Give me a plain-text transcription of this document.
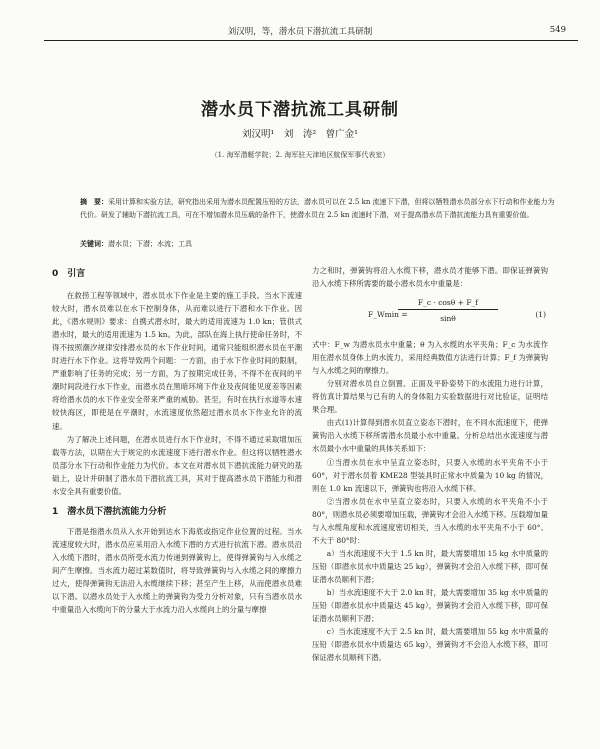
刘汉明，等，潜水员下潜抗流工具研制	549
潜水员下潜抗流工具研制
刘汉明¹　刘　涛²　曾广金¹
（1. 海军潜艇学院；2. 海军驻天津地区航保军事代表室）
摘　要：采用计算和实验方法，研究指出采用为潜水员配置压铅的方法，潜水员可以在 2.5 kn 流速下下潜，但将以牺牲潜水员部分水下行动和作业能力为代价。研发了辅助下潜抗流工具，可在不增加潜水员压载的条件下，使潜水员在 2.5 kn 流速时下潜，对于提高潜水员下潜抗流能力具有重要价值。
关键词：潜水员；下潜；水流；工具
0　引言

在救捞工程等领域中，潜水员水下作业是主要的施工手段。当水下流速较大时，潜水员难以在水下控制身体，从而难以进行下潜和水下作业。因此，《潜水规则》要求：自携式潜水时，最大的适用流速为 1.0 kn；管供式潜水时，最大的适用流速为 1.5 kn。为此，部队在海上执行使命任务时，不得不按照潮汐规律安排潜水员的水下作业时间，通常只能组织潜水员在平潮时进行水下作业。这将导致两个问题：一方面，由于水下作业时间的限制，严重影响了任务的完成；另一方面，为了按期完成任务，不得不在夜间的平潮时间段进行水下作业，而潜水员在黑暗环境下作业及夜间能见度差等因素将给潜水员的水下作业安全带来严重的威胁。甚至，有时在执行水道等水速较快海区，即使是在平潮时，水流速度依然超过潜水员水下作业允许的流速。

为了解决上述问题，在潜水员进行水下作业时，不得不通过采取增加压载等方法，以期在大于规定的水流速度下进行潜水作业。但这将以牺牲潜水员部分水下行动和作业能力为代价。本文在对潜水员下潜抗流能力研究的基础上，设计并研制了潜水员下潜抗流工具，其对于提高潜水员下潜能力和潜水安全具有重要价值。

1　潜水员下潜抗流能力分析

下潜是指潜水员从入水开始到达水下海底或指定作业位置的过程。当水流速度较大时，潜水员应采用沿入水缆下潜的方式进行抗流下潜。潜水员沿入水缆下潜时，潜水员所受水流力传递到弹簧钩上，使得弹簧钩与入水缆之间产生摩擦。当水流力超过某数值时，将导致弹簧钩与入水缆之间的摩擦力过大，使得弹簧钩无法沿入水缆继续下移；甚至产生上移，从而使潜水员难以下潜。以潜水员处于入水缆上的弹簧钩为受力分析对象，只有当潜水员水中重量沿入水缆向下的分量大于水流力沿入水缆向上的分量与摩擦

力之和时，弹簧钩将沿入水缆下移，潜水员才能够下潜。即保证弹簧钩沿入水缆下移所需要的最小潜水员水中重量是：

F_Wmin =
F_c · cosθ + F_f
sinθ	(1)

式中：F_w 为潜水员水中重量；θ 为入水缆的水平夹角；F_c 为水流作用在潜水员身体上的水流力，采用经典数值方法进行计算；F_f 为弹簧钩与入水缆之间的摩擦力。

分别对潜水员自立倒置、正面及平卧姿势下的水流阻力进行计算，将仿真计算结果与已有的人的身体阻力实验数据进行对比验证，证明结果合理。

由式(1)计算得到潜水员直立姿态下潜时，在不同水流速度下，使弹簧钩沿入水缆下移所需潜水员最小水中重量。分析总结出水流速度与潜水员最小水中重量的具体关系如下：

①当潜水员在水中呈直立姿态时，只要入水缆的水平夹角不小于 60°，对于潜水员着 KME28 型装具时正常水中质量为 10 kg 的情况，则在 1.0 kn 流速以下，弹簧钩也将沿入水缆下移。

②当潜水员在水中呈直立姿态时，只要入水缆的水平夹角不小于 80°，则潜水员必须要增加压载，弹簧钩才会沿入水缆下移。压载增加量与入水缆角度和水流速度密切相关，当入水缆的水平夹角不小于 60°、不大于 80°时：

a）当水流速度不大于 1.5 kn 时，最大需要增加 15 kg 水中质量的压铅（即潜水员水中质量达 25 kg），弹簧钩才会沿入水缆下移，即可保证潜水员顺利下潜；

b）当水流速度不大于 2.0 kn 时，最大需要增加 35 kg 水中质量的压铅（即潜水员水中质量达 45 kg），弹簧钩才会沿入水缆下移，即可保证潜水员顺利下潜；

c）当水流速度不大于 2.5 kn 时，最大需要增加 55 kg 水中质量的压铅（即潜水员水中质量达 65 kg），弹簧钩才不会沿入水缆下移，即可保证潜水员顺利下潜。
